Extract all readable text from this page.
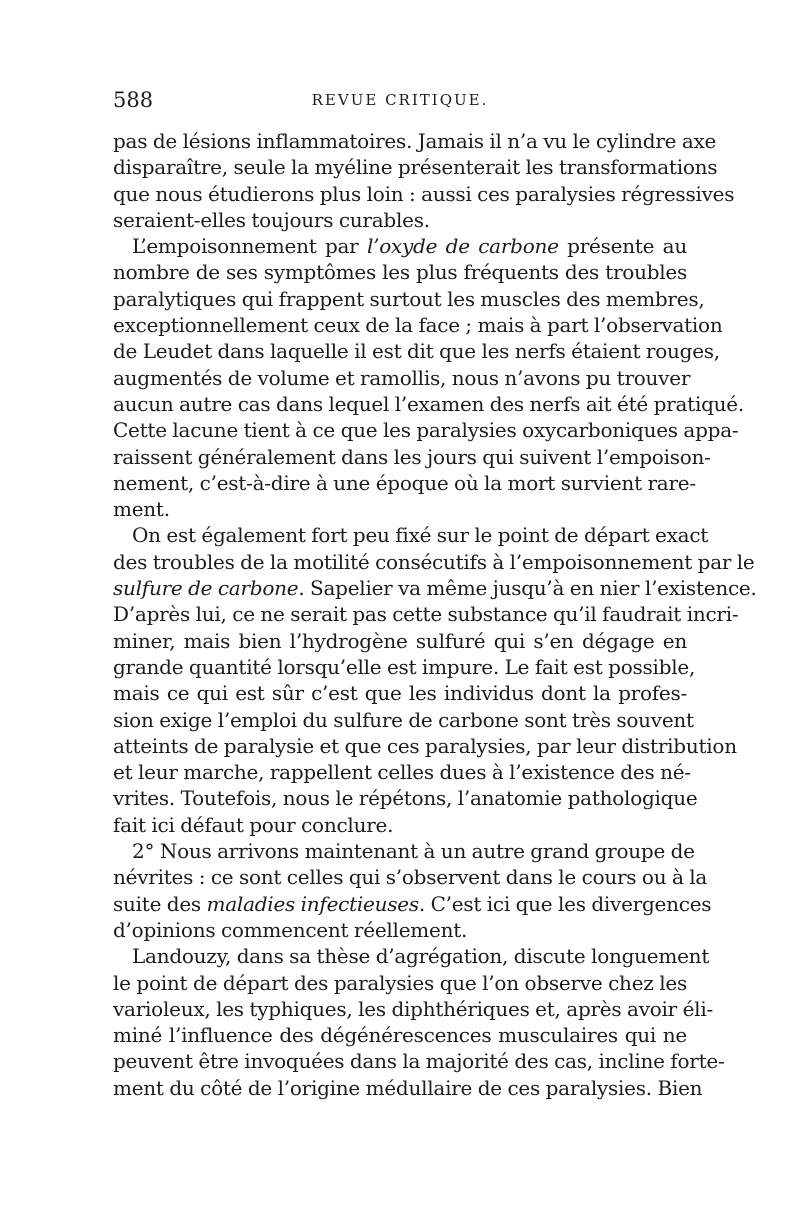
588	REVUE CRITIQUE.
pas de lésions inflammatoires. Jamais il n’a vu le cylindre axe
disparaître, seule la myéline présenterait les transformations
que nous étudierons plus loin : aussi ces paralysies régressives
seraient-elles toujours curables.
L’empoisonnement par l’oxyde de carbone présente au
nombre de ses symptômes les plus fréquents des troubles
paralytiques qui frappent surtout les muscles des membres,
exceptionnellement ceux de la face ; mais à part l’observation
de Leudet dans laquelle il est dit que les nerfs étaient rouges,
augmentés de volume et ramollis, nous n’avons pu trouver
aucun autre cas dans lequel l’examen des nerfs ait été pratiqué.
Cette lacune tient à ce que les paralysies oxycarboniques appa-
raissent généralement dans les jours qui suivent l’empoison-
nement, c’est-à-dire à une époque où la mort survient rare-
ment.
On est également fort peu fixé sur le point de départ exact
des troubles de la motilité consécutifs à l’empoisonnement par le
sulfure de carbone. Sapelier va même jusqu’à en nier l’existence.
D’après lui, ce ne serait pas cette substance qu’il faudrait incri-
miner, mais bien l’hydrogène sulfuré qui s’en dégage en
grande quantité lorsqu’elle est impure. Le fait est possible,
mais ce qui est sûr c’est que les individus dont la profes-
sion exige l’emploi du sulfure de carbone sont très souvent
atteints de paralysie et que ces paralysies, par leur distribution
et leur marche, rappellent celles dues à l’existence des né-
vrites. Toutefois, nous le répétons, l’anatomie pathologique
fait ici défaut pour conclure.
2° Nous arrivons maintenant à un autre grand groupe de
névrites : ce sont celles qui s’observent dans le cours ou à la
suite des maladies infectieuses. C’est ici que les divergences
d’opinions commencent réellement.
Landouzy, dans sa thèse d’agrégation, discute longuement
le point de départ des paralysies que l’on observe chez les
varioleux, les typhiques, les diphthériques et, après avoir éli-
miné l’influence des dégénérescences musculaires qui ne
peuvent être invoquées dans la majorité des cas, incline forte-
ment du côté de l’origine médullaire de ces paralysies. Bien
